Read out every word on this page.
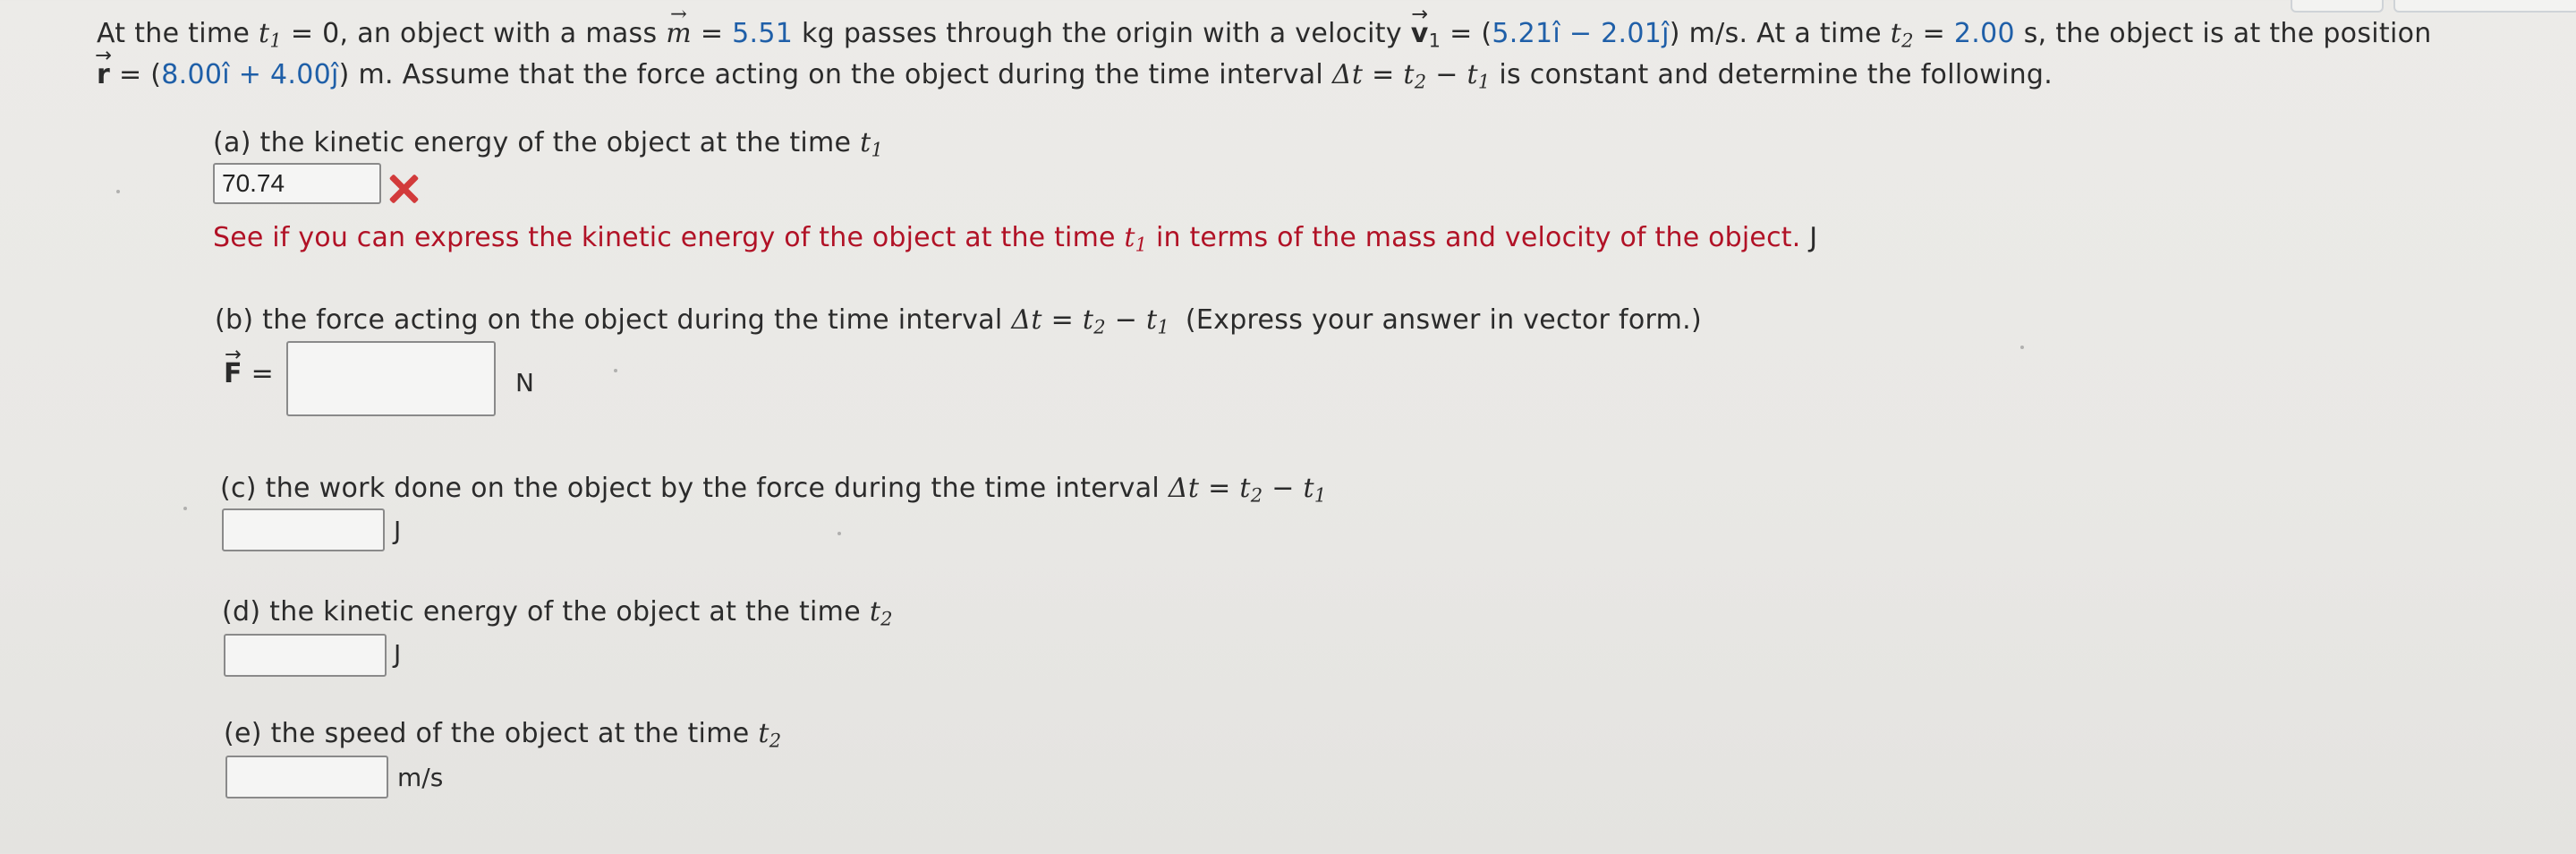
At the time $t_1 = 0$, an object with a mass → m = 5.51 kg passes through the origin with a velocity → $v_1$ = (5.21î − 2.01ĵ) m/s. At a time $t_2 = 2.00$ s, the object is at the position
→ r = (8.00î + 4.00ĵ) m. Assume that the force acting on the object during the time interval $\Delta t = t_2 - t_1$ is constant and determine the following.
(a) the kinetic energy of the object at the time $t_1$
70.74
See if you can express the kinetic energy of the object at the time $t_1$ in terms of the mass and velocity of the object. J
(b) the force acting on the object during the time interval $\Delta t = t_2 - t_1$ (Express your answer in vector form.)
→ F =	N
(c) the work done on the object by the force during the time interval $\Delta t = t_2 - t_1$
J
(d) the kinetic energy of the object at the time $t_2$
J
(e) the speed of the object at the time $t_2$
m/s
